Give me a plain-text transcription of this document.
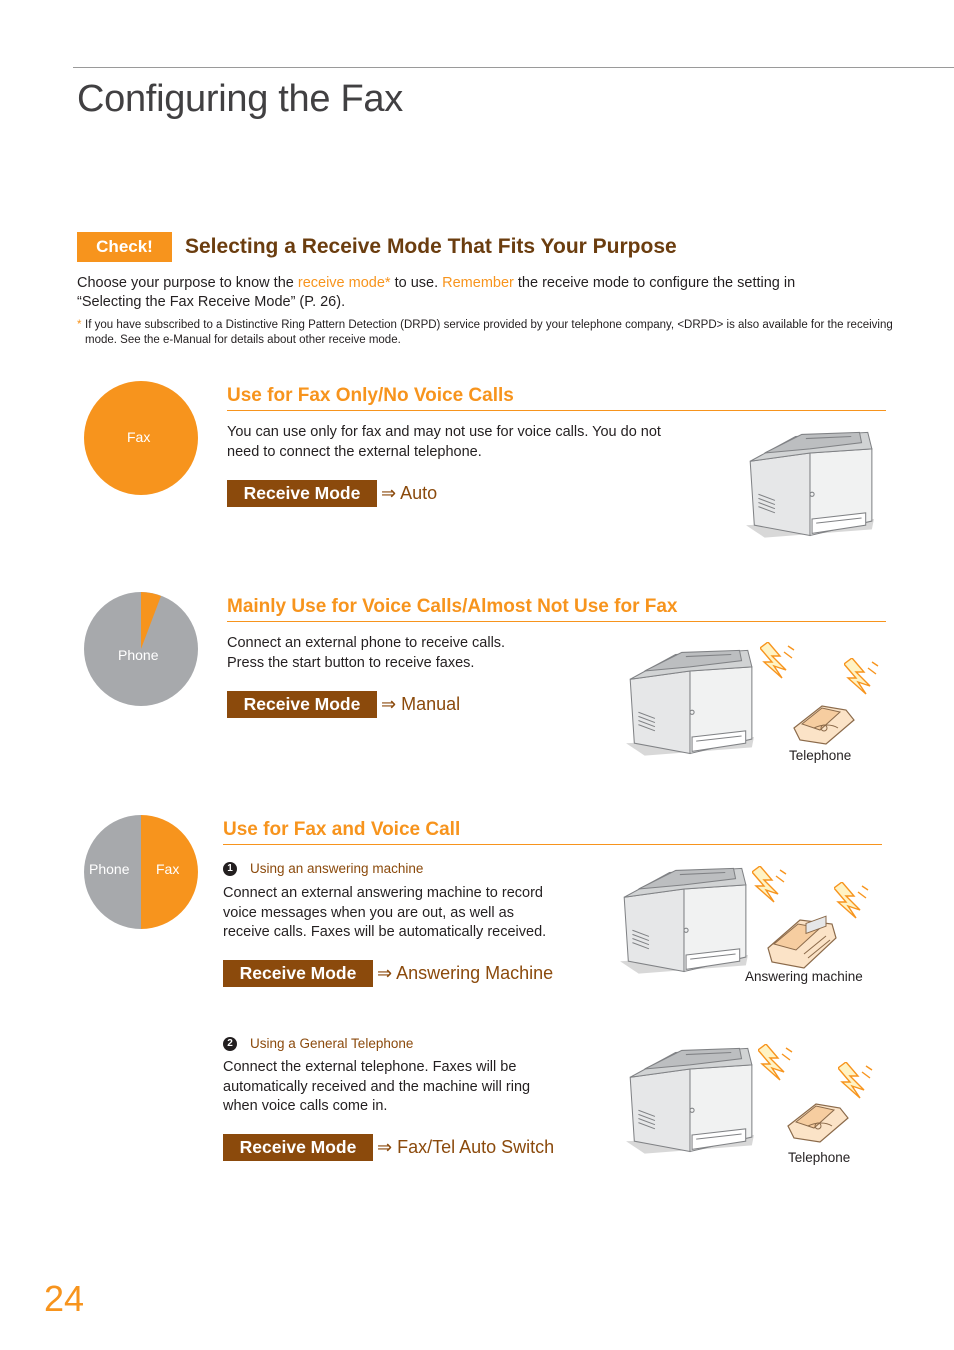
Configuring the Fax
Check!	Selecting a Receive Mode That Fits Your Purpose
Choose your purpose to know the receive mode* to use. Remember the receive mode to configure the setting in
“Selecting the Fax Receive Mode” (P. 26).
* If you have subscribed to a Distinctive Ring Pattern Detection (DRPD) service provided by your telephone company, <DRPD> is also available for the receiving mode. See the e-Manual for details about other receive mode.
Fax
Use for Fax Only/No Voice Calls
You can use only for fax and may not use for voice calls. You do not
need to connect the external telephone.
Receive Mode	⇒ Auto
Phone
Mainly Use for Voice Calls/Almost Not Use for Fax
Connect an external phone to receive calls.
Press the start button to receive faxes.
Receive Mode	⇒ Manual
Telephone
Phone Fax
Use for Fax and Voice Call
1	Using an answering machine
Connect an external answering machine to record
voice messages when you are out, as well as
receive calls. Faxes will be automatically received.
Receive Mode	⇒ Answering Machine	Answering machine
2	Using a General Telephone
Connect the external telephone. Faxes will be
automatically received and the machine will ring
when voice calls come in.
Receive Mode	⇒ Fax/Tel Auto Switch
Telephone
24
